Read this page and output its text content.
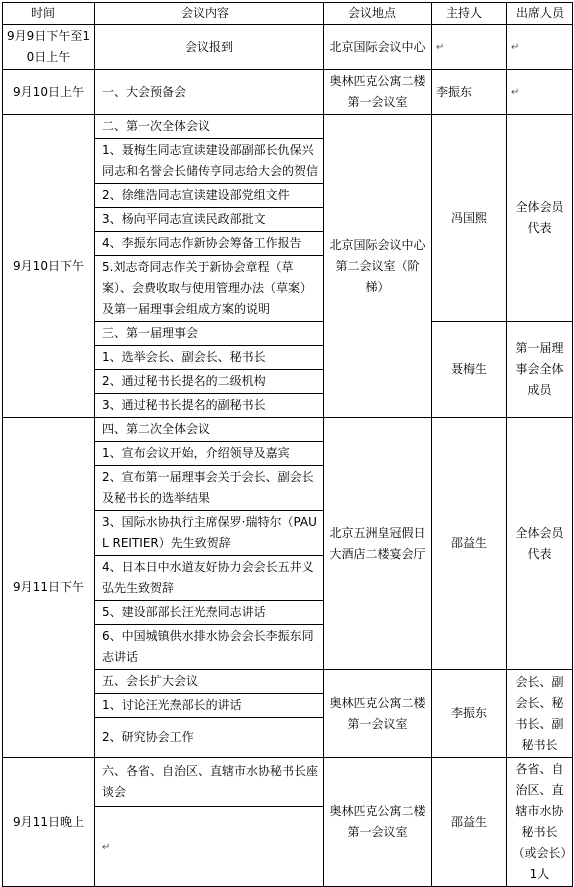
时间	会议内容	会议地点	主持人	出席人员
9月9日下午至10日上午	会议报到	北京国际会议中心	↵	↵
9月10日上午	一、大会预备会	奥林匹克公寓二楼第一会议室	李振东	↵
9月10日下午	二、第一次全体会议	北京国际会议中心第二会议室（阶梯）	冯国熙	全体会员代表
	1、聂梅生同志宣读建设部副部长仇保兴同志和名誉会长储传亨同志给大会的贺信			
	2、徐维浩同志宣读建设部党组文件			
	3、杨向平同志宣读民政部批文			
	4、李振东同志作新协会筹备工作报告			
	5.刘志奇同志作关于新协会章程（草案）、会费收取与使用管理办法（草案）及第一届理事会组成方案的说明			
	三、第一届理事会		聂梅生	第一届理事会全体成员
	1、选举会长、副会长、秘书长			
	2、通过秘书长提名的二级机构			
	3、通过秘书长提名的副秘书长			
9月11日下午	四、第二次全体会议	北京五洲皇冠假日大酒店二楼宴会厅	邵益生	全体会员代表
	1、宣布会议开始，介绍领导及嘉宾			
	2、宣布第一届理事会关于会长、副会长及秘书长的选举结果			
	3、国际水协执行主席保罗·瑞特尔（PAUL REITIER）先生致贺辞			
	4、日本日中水道友好协力会会长五井义弘先生致贺辞			
	5、建设部部长汪光焘同志讲话			
	6、中国城镇供水排水协会会长李振东同志讲话			
	五、会长扩大会议	奥林匹克公寓二楼第一会议室	李振东	会长、副会长、秘书长、副秘书长
	1、讨论汪光焘部长的讲话			
	2、研究协会工作			
9月11日晚上	六、各省、自治区、直辖市水协秘书长座谈会	奥林匹克公寓二楼第一会议室	邵益生	各省、自治区、直辖市水协秘书长（或会长）1人
	↵			
